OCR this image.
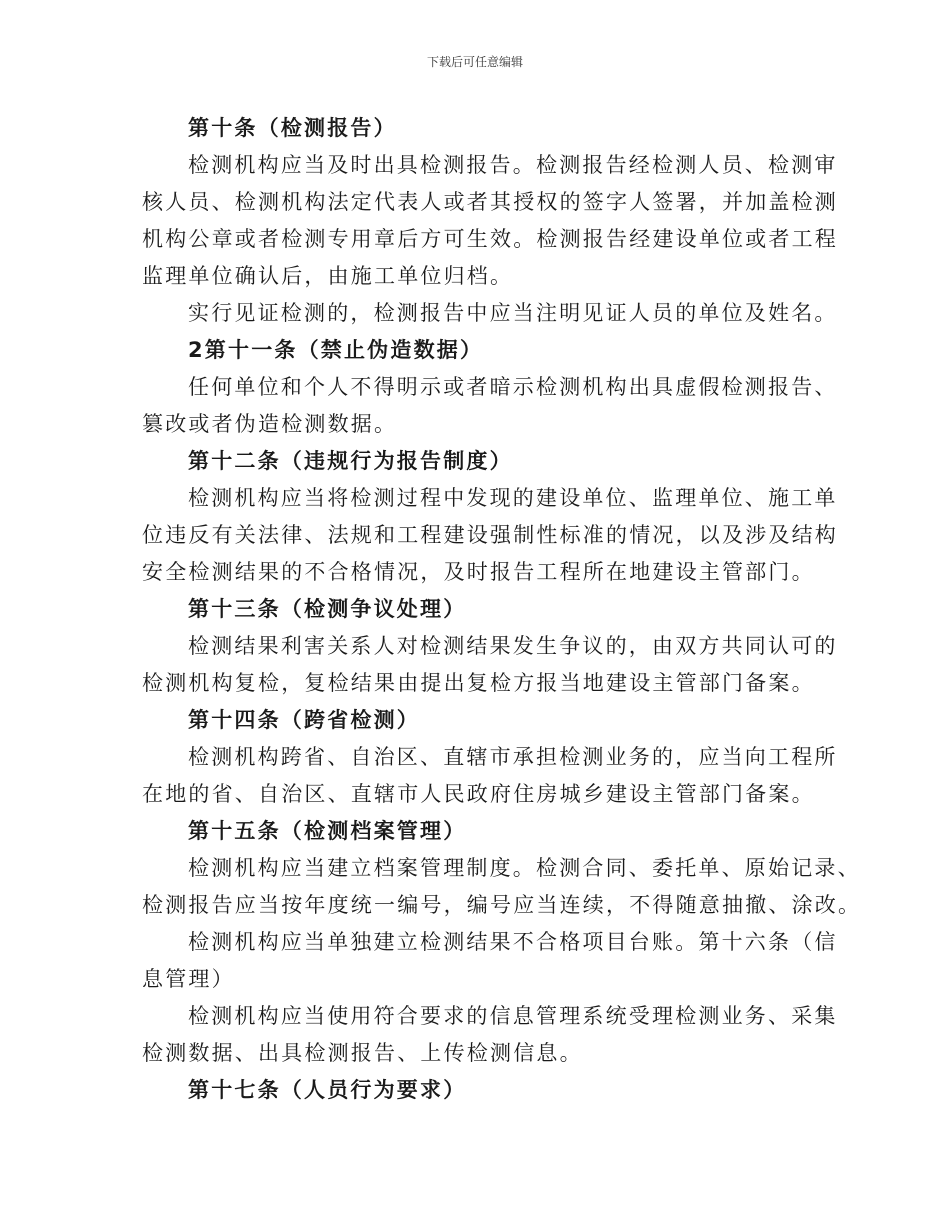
下载后可任意编辑
第十条（检测报告）
检测机构应当及时出具检测报告。检测报告经检测人员、检测审
核人员、检测机构法定代表人或者其授权的签字人签署，并加盖检测
机构公章或者检测专用章后方可生效。检测报告经建设单位或者工程
监理单位确认后，由施工单位归档。
实行见证检测的，检测报告中应当注明见证人员的单位及姓名。
2第十一条（禁止伪造数据）
任何单位和个人不得明示或者暗示检测机构出具虚假检测报告、
篡改或者伪造检测数据。
第十二条（违规行为报告制度）
检测机构应当将检测过程中发现的建设单位、监理单位、施工单
位违反有关法律、法规和工程建设强制性标准的情况，以及涉及结构
安全检测结果的不合格情况，及时报告工程所在地建设主管部门。
第十三条（检测争议处理）
检测结果利害关系人对检测结果发生争议的，由双方共同认可的
检测机构复检，复检结果由提出复检方报当地建设主管部门备案。
第十四条（跨省检测）
检测机构跨省、自治区、直辖市承担检测业务的，应当向工程所
在地的省、自治区、直辖市人民政府住房城乡建设主管部门备案。
第十五条（检测档案管理）
检测机构应当建立档案管理制度。检测合同、委托单、原始记录、
检测报告应当按年度统一编号，编号应当连续，不得随意抽撤、涂改。
检测机构应当单独建立检测结果不合格项目台账。第十六条（信
息管理）
检测机构应当使用符合要求的信息管理系统受理检测业务、采集
检测数据、出具检测报告、上传检测信息。
第十七条（人员行为要求）
